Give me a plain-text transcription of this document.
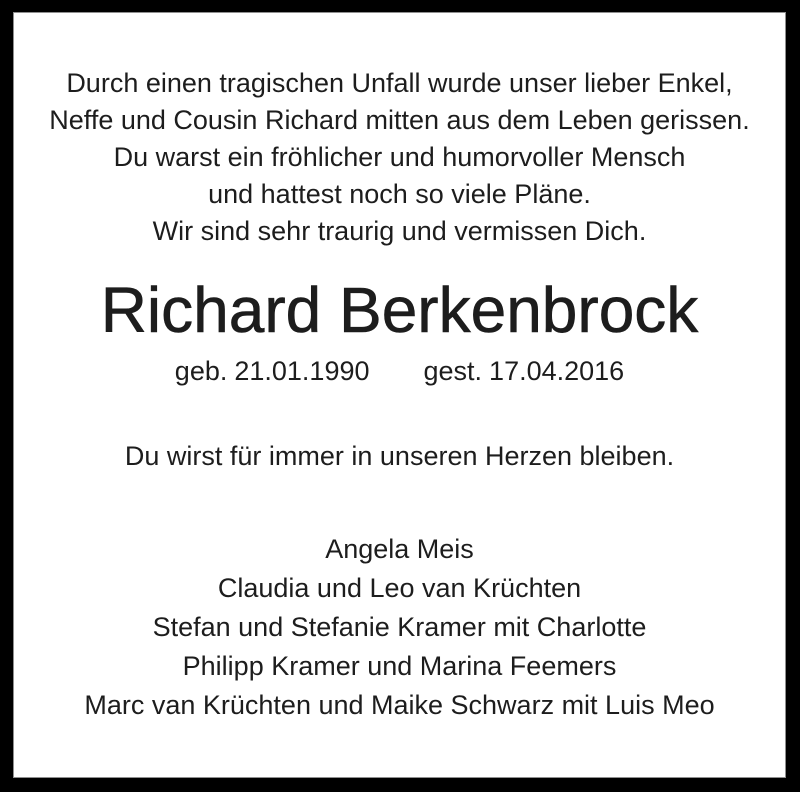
Durch einen tragischen Unfall wurde unser lieber Enkel,
Neffe und Cousin Richard mitten aus dem Leben gerissen.
Du warst ein fröhlicher und humorvoller Mensch
und hattest noch so viele Pläne.
Wir sind sehr traurig und vermissen Dich.
Richard Berkenbrock
geb. 21.01.1990 gest. 17.04.2016
Du wirst für immer in unseren Herzen bleiben.
Angela Meis
Claudia und Leo van Krüchten
Stefan und Stefanie Kramer mit Charlotte
Philipp Kramer und Marina Feemers
Marc van Krüchten und Maike Schwarz mit Luis Meo
